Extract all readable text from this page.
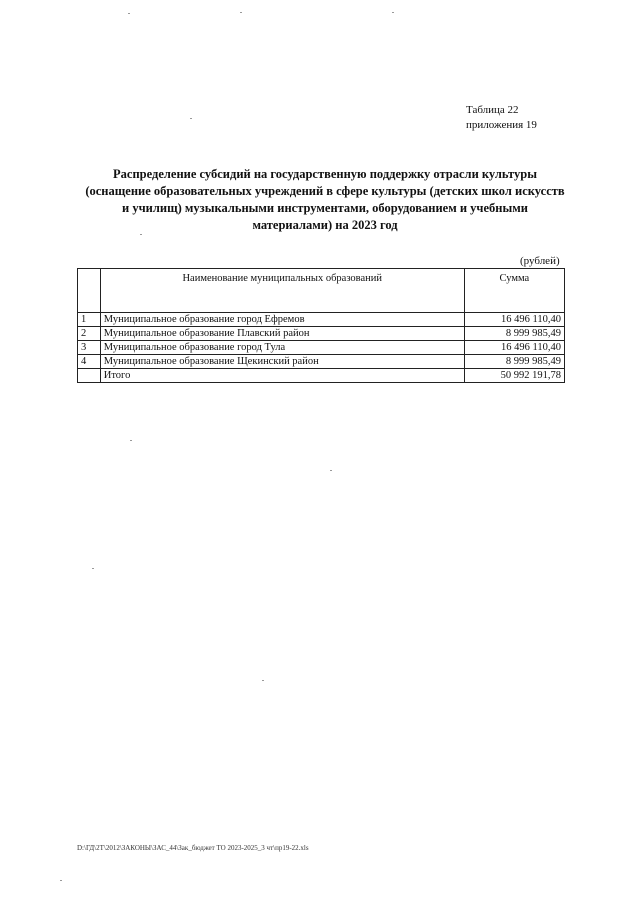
Таблица 22
приложения 19
Распределение субсидий на государственную поддержку отрасли культуры
(оснащение образовательных учреждений в сфере культуры (детских школ искусств
и училищ) музыкальными инструментами, оборудованием и учебными
материалами) на 2023 год
(рублей)
	Наименование муниципальных образований	Сумма
1	Муниципальное образование город Ефремов	16 496 110,40
2	Муниципальное образование Плавский район	8 999 985,49
3	Муниципальное образование город Тула	16 496 110,40
4	Муниципальное образование Щекинский район	8 999 985,49
	Итого	50 992 191,78
D:\ГД\2Т\2012\ЗАКОНЫ\ЗАС_44\Зак_бюджет ТО 2023-2025_3 чт\пр19-22.xls
